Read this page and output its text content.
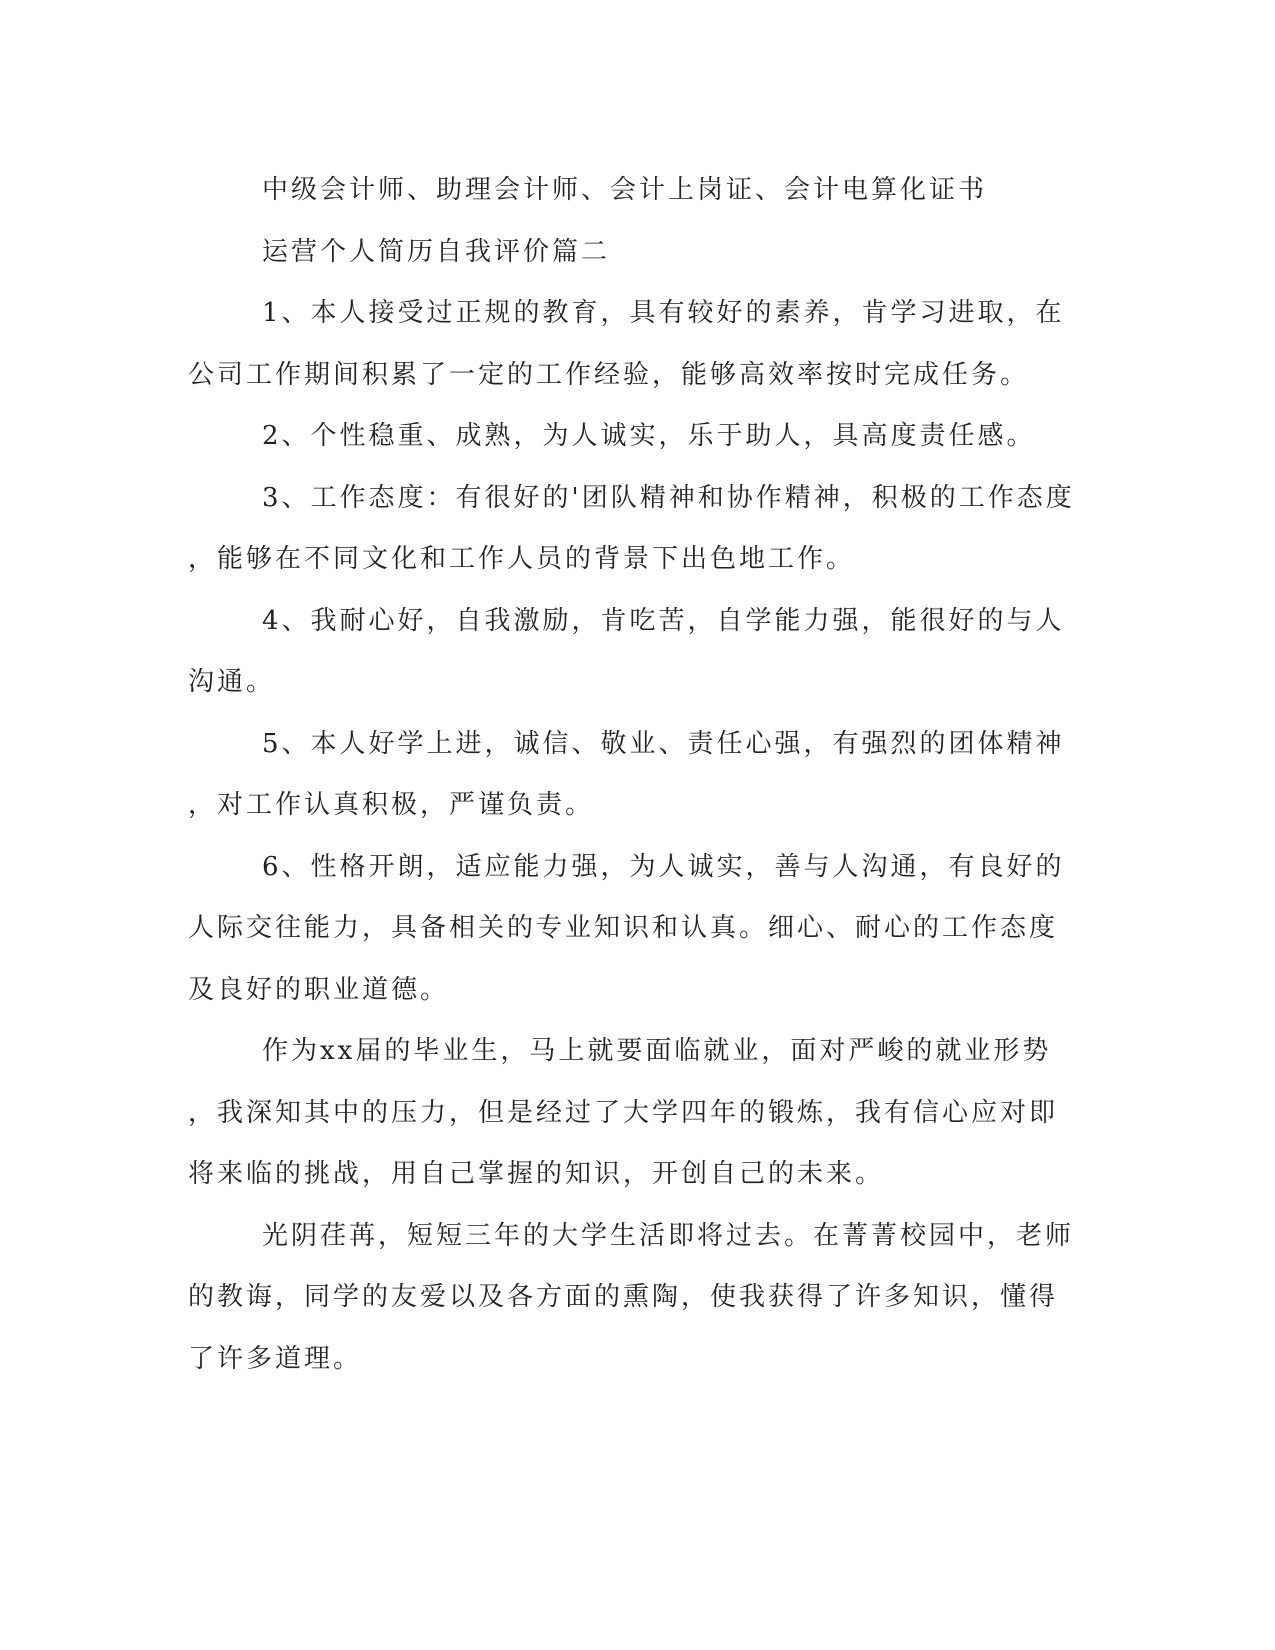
中级会计师、助理会计师、会计上岗证、会计电算化证书
运营个人简历自我评价篇二
1、本人接受过正规的教育，具有较好的素养，肯学习进取，在
公司工作期间积累了一定的工作经验，能够高效率按时完成任务。
2、个性稳重、成熟，为人诚实，乐于助人，具高度责任感。
3、工作态度：有很好的'团队精神和协作精神，积极的工作态度
，能够在不同文化和工作人员的背景下出色地工作。
4、我耐心好，自我激励，肯吃苦，自学能力强，能很好的与人
沟通。
5、本人好学上进，诚信、敬业、责任心强，有强烈的团体精神
，对工作认真积极，严谨负责。
6、性格开朗，适应能力强，为人诚实，善与人沟通，有良好的
人际交往能力，具备相关的专业知识和认真。细心、耐心的工作态度
及良好的职业道德。
作为xx届的毕业生，马上就要面临就业，面对严峻的就业形势
，我深知其中的压力，但是经过了大学四年的锻炼，我有信心应对即
将来临的挑战，用自己掌握的知识，开创自己的未来。
光阴荏苒，短短三年的大学生活即将过去。在菁菁校园中，老师
的教诲，同学的友爱以及各方面的熏陶，使我获得了许多知识，懂得
了许多道理。
